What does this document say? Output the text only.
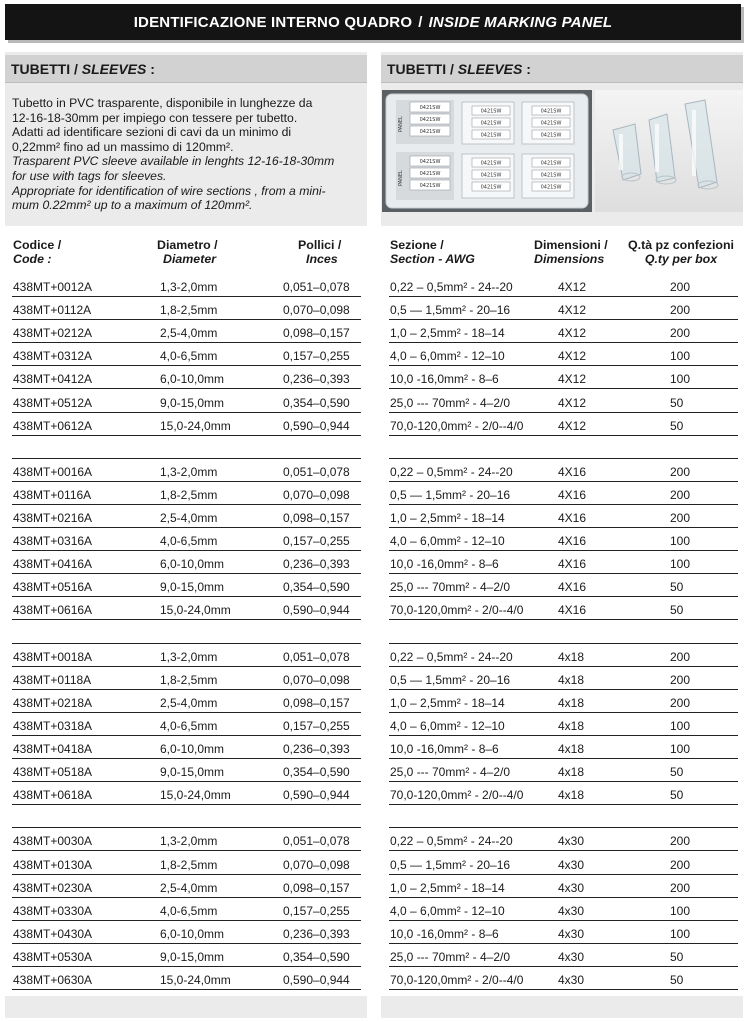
IDENTIFICAZIONE INTERNO QUADRO / INSIDE MARKING PANEL
TUBETTI /
SLEEVES
:	TUBETTI /
SLEEVES
:

Tubetto in PVC trasparente, disponibile in lunghezze da

12-16-18-30mm per impiego con tessere per tubetto.

Adatti ad identificare sezioni di cavi da un minimo di

0,22mm² fino ad un massimo di 120mm².

Trasparent PVC sleeve available in lenghts 12-16-18-30mm

for use with tags for sleeves.

Appropriate for identification of wire sections , from a mini-

mum 0.22mm² up to a maximum of 120mm².

0421SW
0421SW
0421SW
0421SW
0421SW
0421SW
0421SW
0421SW
0421SW
0421SW
0421SW
0421SW
0421SW
0421SW
0421SW
0421SW
0421SW
0421SW
PANEL
PANEL
Codice /
Code :
Diametro /
Diameter
Pollici /
Inces
Sezione /
Section - AWG
Dimensioni /
Dimensions
Q.tà pz confezioni
Q.ty per box
438MT+0012A	1,3-2,0mm	0,051–0,078	0,22 – 0,5mm² - 24--20	4X12	200
438MT+0112A	1,8-2,5mm	0,070–0,098	0,5 — 1,5mm² - 20–16	4X12	200
438MT+0212A	2,5-4,0mm	0,098–0,157	1,0 – 2,5mm² - 18–14	4X12	200
438MT+0312A	4,0-6,5mm	0,157–0,255	4,0 – 6,0mm² - 12–10	4X12	100
438MT+0412A	6,0-10,0mm	0,236–0,393	10,0 -16,0mm² - 8–6	4X12	100
438MT+0512A	9,0-15,0mm	0,354–0,590	25,0 --- 70mm² - 4–2/0	4X12	50
438MT+0612A	15,0-24,0mm	0,590–0,944	70,0-120,0mm² - 2/0--4/0	4X12	50
438MT+0016A	1,3-2,0mm	0,051–0,078	0,22 – 0,5mm² - 24--20	4X16	200
438MT+0116A	1,8-2,5mm	0,070–0,098	0,5 — 1,5mm² - 20–16	4X16	200
438MT+0216A	2,5-4,0mm	0,098–0,157	1,0 – 2,5mm² - 18–14	4X16	200
438MT+0316A	4,0-6,5mm	0,157–0,255	4,0 – 6,0mm² - 12–10	4X16	100
438MT+0416A	6,0-10,0mm	0,236–0,393	10,0 -16,0mm² - 8–6	4X16	100
438MT+0516A	9,0-15,0mm	0,354–0,590	25,0 --- 70mm² - 4–2/0	4X16	50
438MT+0616A	15,0-24,0mm	0,590–0,944	70,0-120,0mm² - 2/0--4/0	4X16	50
438MT+0018A	1,3-2,0mm	0,051–0,078	0,22 – 0,5mm² - 24--20	4x18	200
438MT+0118A	1,8-2,5mm	0,070–0,098	0,5 — 1,5mm² - 20–16	4x18	200
438MT+0218A	2,5-4,0mm	0,098–0,157	1,0 – 2,5mm² - 18–14	4x18	200
438MT+0318A	4,0-6,5mm	0,157–0,255	4,0 – 6,0mm² - 12–10	4x18	100
438MT+0418A	6,0-10,0mm	0,236–0,393	10,0 -16,0mm² - 8–6	4x18	100
438MT+0518A	9,0-15,0mm	0,354–0,590	25,0 --- 70mm² - 4–2/0	4x18	50
438MT+0618A	15,0-24,0mm	0,590–0,944	70,0-120,0mm² - 2/0--4/0	4x18	50
438MT+0030A	1,3-2,0mm	0,051–0,078	0,22 – 0,5mm² - 24--20	4x30	200
438MT+0130A	1,8-2,5mm	0,070–0,098	0,5 — 1,5mm² - 20–16	4x30	200
438MT+0230A	2,5-4,0mm	0,098–0,157	1,0 – 2,5mm² - 18–14	4x30	200
438MT+0330A	4,0-6,5mm	0,157–0,255	4,0 – 6,0mm² - 12–10	4x30	100
438MT+0430A	6,0-10,0mm	0,236–0,393	10,0 -16,0mm² - 8–6	4x30	100
438MT+0530A	9,0-15,0mm	0,354–0,590	25,0 --- 70mm² - 4–2/0	4x30	50
438MT+0630A	15,0-24,0mm	0,590–0,944	70,0-120,0mm² - 2/0--4/0	4x30	50
